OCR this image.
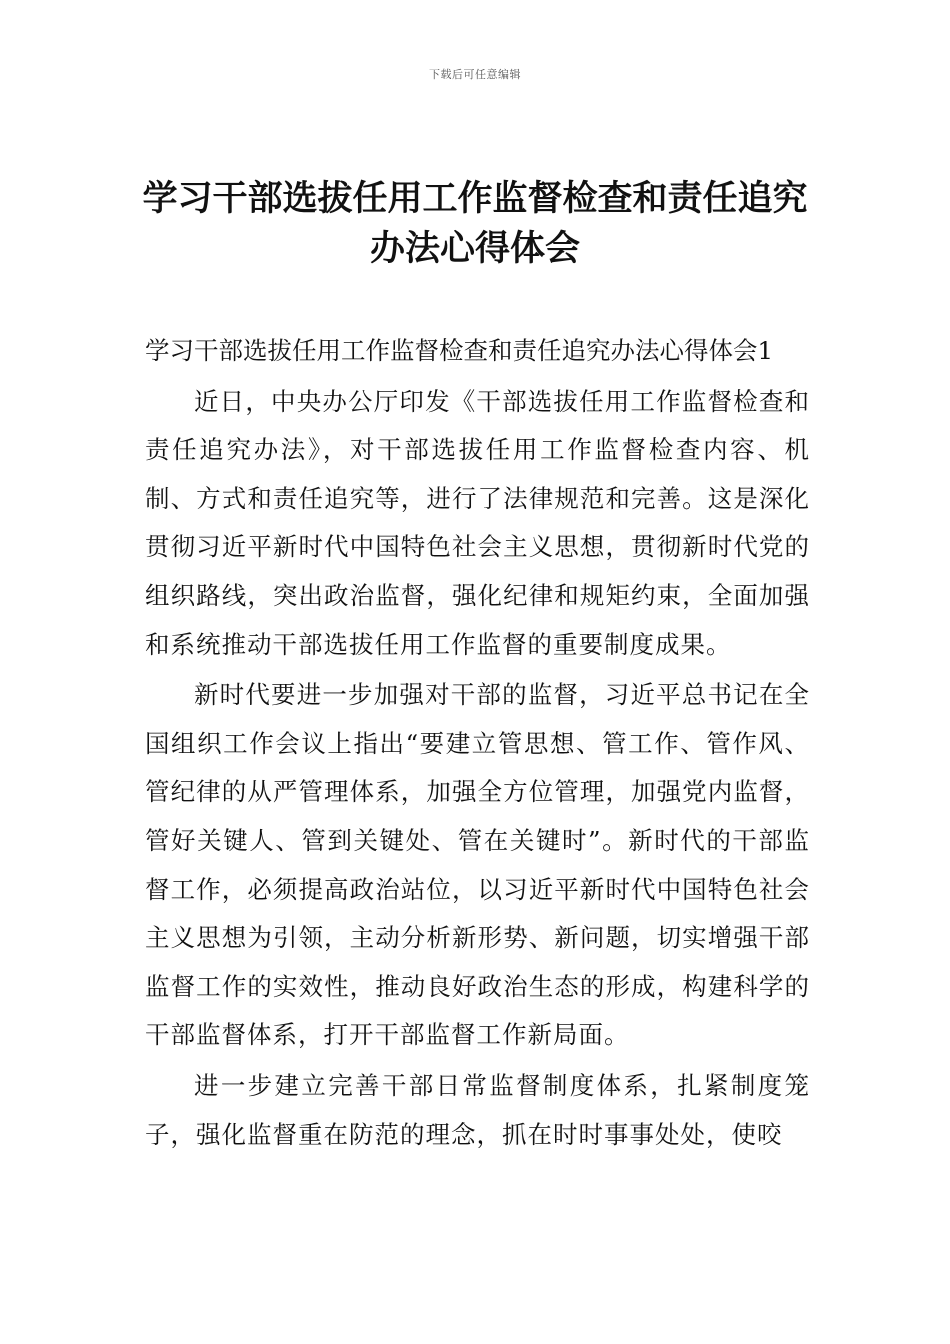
下载后可任意编辑
学习干部选拔任用工作监督检查和责任追究办法心得体会

学习干部选拔任用工作监督检查和责任追究办法心得体会1

近日，中央办公厅印发《干部选拔任用工作监督检查和责任追究办法》，对干部选拔任用工作监督检查内容、机制、方式和责任追究等，进行了法律规范和完善。这是深化贯彻习近平新时代中国特色社会主义思想，贯彻新时代党的组织路线，突出政治监督，强化纪律和规矩约束，全面加强和系统推动干部选拔任用工作监督的重要制度成果。

新时代要进一步加强对干部的监督，习近平总书记在全国组织工作会议上指出“要建立管思想、管工作、管作风、管纪律的从严管理体系，加强全方位管理，加强党内监督，管好关键人、管到关键处、管在关键时”。新时代的干部监督工作，必须提高政治站位，以习近平新时代中国特色社会主义思想为引领，主动分析新形势、新问题，切实增强干部监督工作的实效性，推动良好政治生态的形成，构建科学的干部监督体系，打开干部监督工作新局面。

进一步建立完善干部日常监督制度体系，扎紧制度笼子，强化监督重在防范的理念，抓在时时事事处处，使咬
